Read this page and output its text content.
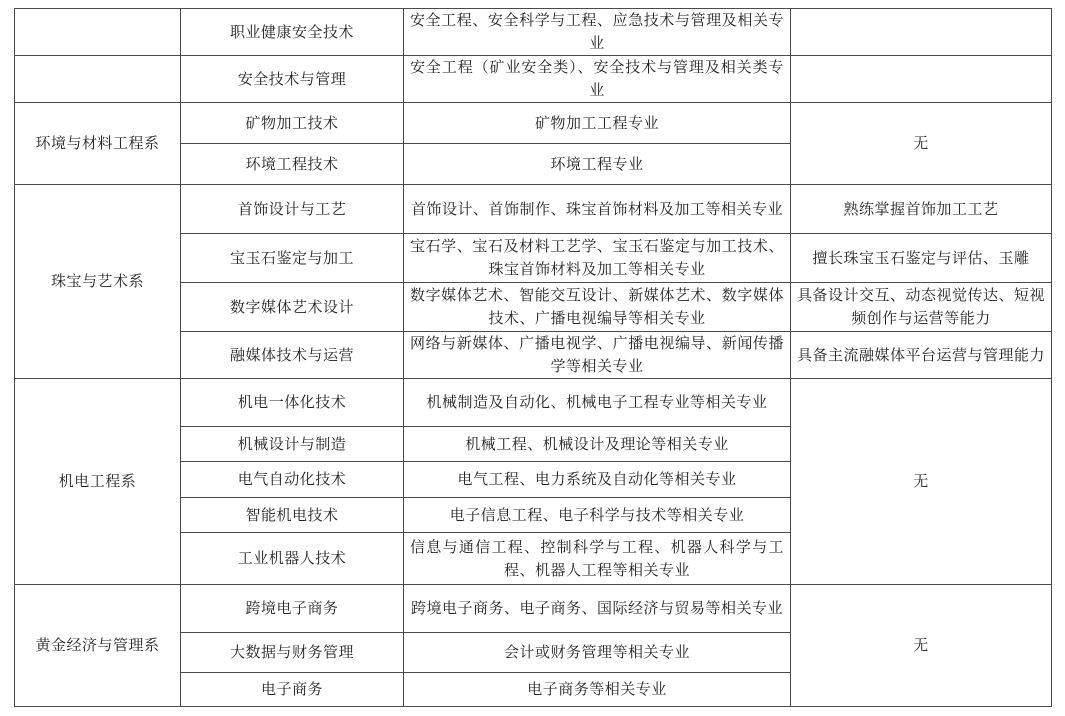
	职业健康安全技术	安全工程、安全科学与工程、应急技术与管理及相关专业	
	安全技术与管理	安全工程（矿业安全类）、安全技术与管理及相关类专业	
环境与材料工程系	矿物加工技术	矿物加工工程专业	无
	环境工程技术	环境工程专业	
珠宝与艺术系	首饰设计与工艺	首饰设计、首饰制作、珠宝首饰材料及加工等相关专业	熟练掌握首饰加工工艺
	宝玉石鉴定与加工	宝石学、宝石及材料工艺学、宝玉石鉴定与加工技术、珠宝首饰材料及加工等相关专业	擅长珠宝玉石鉴定与评估、玉雕
	数字媒体艺术设计	数字媒体艺术、智能交互设计、新媒体艺术、数字媒体技术、广播电视编导等相关专业	具备设计交互、动态视觉传达、短视频创作与运营等能力
	融媒体技术与运营	网络与新媒体、广播电视学、广播电视编导、新闻传播学等相关专业	具备主流融媒体平台运营与管理能力
机电工程系	机电一体化技术	机械制造及自动化、机械电子工程专业等相关专业	无
	机械设计与制造	机械工程、机械设计及理论等相关专业	
	电气自动化技术	电气工程、电力系统及自动化等相关专业	
	智能机电技术	电子信息工程、电子科学与技术等相关专业	
	工业机器人技术	信息与通信工程、控制科学与工程、机器人科学与工程、机器人工程等相关专业	
黄金经济与管理系	跨境电子商务	跨境电子商务、电子商务、国际经济与贸易等相关专业	无
	大数据与财务管理	会计或财务管理等相关专业	
	电子商务	电子商务等相关专业	
